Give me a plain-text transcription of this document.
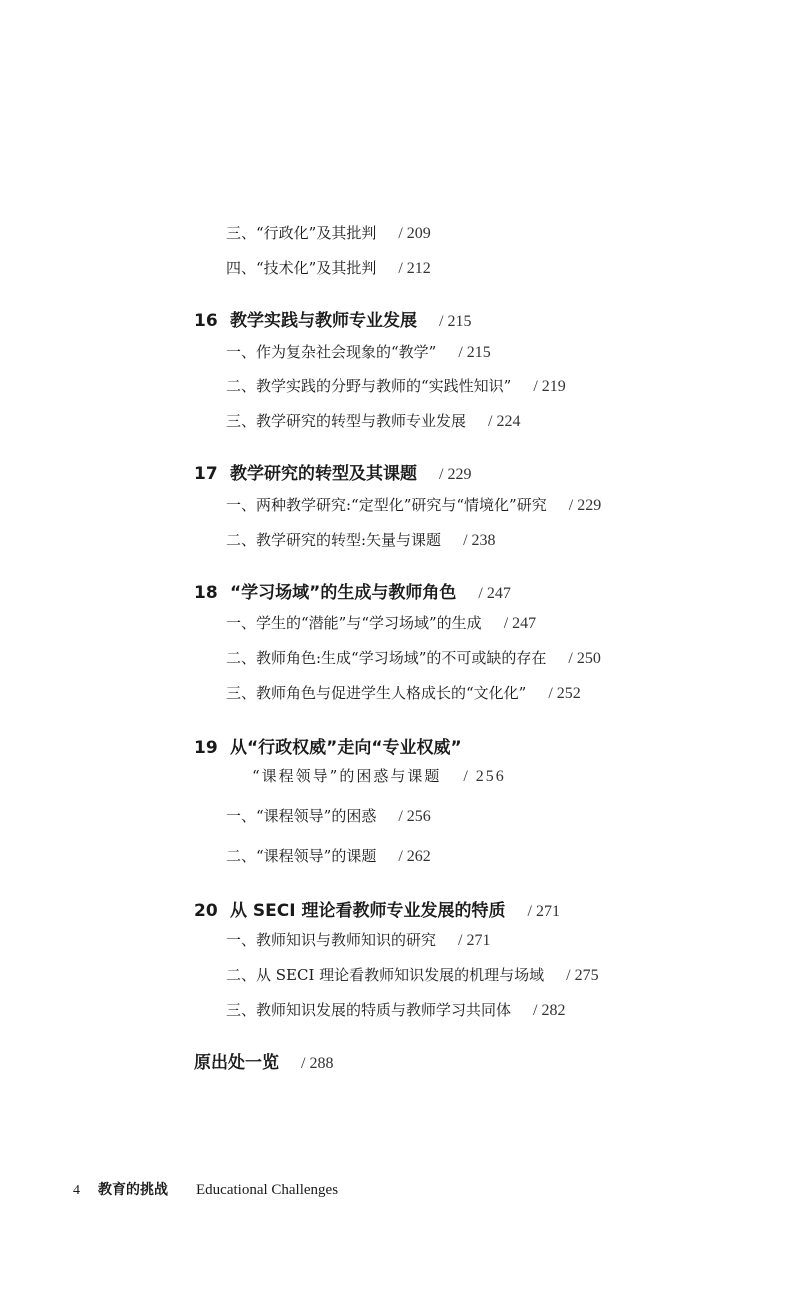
三、“行政化”及其批判 / 209
四、“技术化”及其批判 / 212
16 教学实践与教师专业发展 / 215
一、作为复杂社会现象的“教学” / 215
二、教学实践的分野与教师的“实践性知识” / 219
三、教学研究的转型与教师专业发展 / 224
17 教学研究的转型及其课题 / 229
一、两种教学研究:“定型化”研究与“情境化”研究 / 229
二、教学研究的转型:矢量与课题 / 238
18 “学习场域”的生成与教师角色 / 247
一、学生的“潜能”与“学习场域”的生成 / 247
二、教师角色:生成“学习场域”的不可或缺的存在 / 250
三、教师角色与促进学生人格成长的“文化化” / 252
19 从“行政权威”走向“专业权威”
“课程领导”的困惑与课题 / 256
一、“课程领导”的困惑 / 256
二、“课程领导”的课题 / 262
20 从 SECI 理论看教师专业发展的特质 / 271
一、教师知识与教师知识的研究 / 271
二、从 SECI 理论看教师知识发展的机理与场域 / 275
三、教师知识发展的特质与教师学习共同体 / 282
原出处一览 / 288
4 教育的挑战 Educational Challenges
